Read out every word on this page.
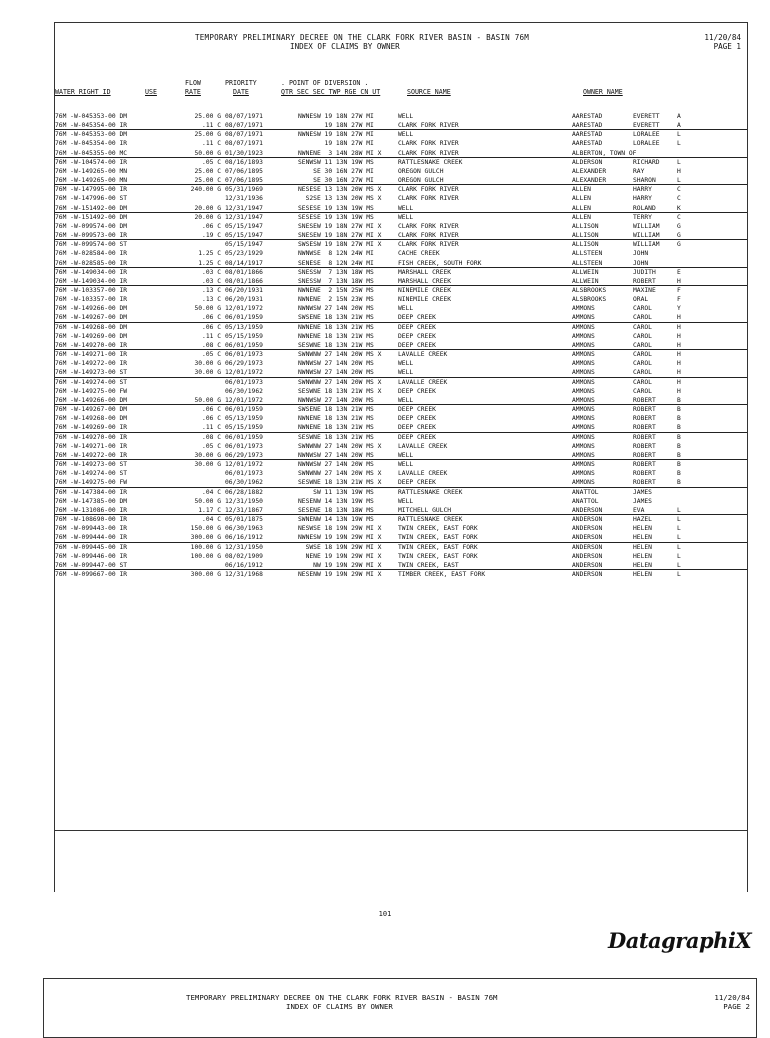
TEMPORARY PRELIMINARY DECREE ON THE CLARK FORK RIVER BASIN - BASIN 76M
INDEX OF CLAIMS BY OWNER
11/20/84
PAGE 1
FLOW	PRIORITY	. POINT OF DIVERSION .
WATER RIGHT ID	USE	RATE	DATE	QTR SEC SEC TWP RGE CN UT	SOURCE NAME	OWNER NAME
76M -W-045353-00 DM	25.00 G 08/07/1971	NWNESW 19 18N 27W MI	WELL	AARESTAD	EVERETT	A
76M -W-045354-00 IR	.11 C 08/07/1971	19 18N 27W MI	CLARK FORK RIVER	AARESTAD	EVERETT	A
76M -W-045353-00 DM	25.00 G 08/07/1971	NWNESW 19 18N 27W MI	WELL	AARESTAD	LORALEE	L
76M -W-045354-00 IR	.11 C 08/07/1971	19 18N 27W MI	CLARK FORK RIVER	AARESTAD	LORALEE	L
76M -W-045355-00 MC	50.00 G 01/30/1923	NWNENE  3 14N 28W MI X	CLARK FORK RIVER	ALBERTON, TOWN OF
76M -W-104574-00 IR	.05 C 08/16/1893	SENWSW 11 13N 19W MS	RATTLESNAKE CREEK	ALDERSON	RICHARD	L
76M -W-149265-00 MN	25.00 C 07/06/1895	SE 30 16N 27W MI	OREGON GULCH	ALEXANDER	RAY	H
76M -W-149265-00 MN	25.00 C 07/06/1895	SE 30 16N 27W MI	OREGON GULCH	ALEXANDER	SHARON	L
76M -W-147995-00 IR	240.00 G 05/31/1969	NESESE 13 13N 20W MS X	CLARK FORK RIVER	ALLEN	HARRY	C
76M -W-147996-00 ST	12/31/1936	S2SE 13 13N 20W MS X	CLARK FORK RIVER	ALLEN	HARRY	C
76M -W-151492-00 DM	20.00 G 12/31/1947	SESESE 19 13N 19W MS	WELL	ALLEN	ROLAND	K
76M -W-151492-00 DM	20.00 G 12/31/1947	SESESE 19 13N 19W MS	WELL	ALLEN	TERRY	C
76M -W-099574-00 DM	.06 C 05/15/1947	SNESEW 19 18N 27W MI X	CLARK FORK RIVER	ALLISON	WILLIAM	G
76M -W-099573-00 IR	.19 C 05/15/1947	SNESEW 19 18N 27W MI X	CLARK FORK RIVER	ALLISON	WILLIAM	G
76M -W-099574-00 ST	05/15/1947	SWSESW 19 18N 27W MI X	CLARK FORK RIVER	ALLISON	WILLIAM	G
76M -W-028584-00 IR	1.25 C 05/23/1929	NWNWSE  8 12N 24W MI	CACHE CREEK	ALLSTEEN	JOHN
76M -W-028585-00 IR	1.25 C 08/14/1917	SENESE  8 12N 24W MI	FISH CREEK, SOUTH FORK	ALLSTEEN	JOHN
76M -W-149034-00 IR	.03 C 08/01/1866	SNESSW  7 13N 18W MS	MARSHALL CREEK	ALLWEIN	JUDITH	E
76M -W-149034-00 IR	.03 C 08/01/1866	SNESSW  7 13N 18W MS	MARSHALL CREEK	ALLWEIN	ROBERT	H
76M -W-103357-00 IR	.13 C 06/20/1931	NWNENE  2 15N 25W MS	NINEMILE CREEK	ALSBROOKS	MAXINE	F
76M -W-103357-00 IR	.13 C 06/20/1931	NWNENE  2 15N 23W MS	NINEMILE CREEK	ALSBROOKS	ORAL	F
76M -W-149266-00 DM	50.00 G 12/01/1972	NWNWSW 27 14N 20W MS	WELL	AMMONS	CAROL	Y
76M -W-149267-00 DM	.06 C 06/01/1959	SWSENE 18 13N 21W MS	DEEP CREEK	AMMONS	CAROL	H
76M -W-149268-00 DM	.06 C 05/13/1959	NWNENE 18 13N 21W MS	DEEP CREEK	AMMONS	CAROL	H
76M -W-149269-00 DM	.11 C 05/15/1959	NWNENE 18 13N 21W MS	DEEP CREEK	AMMONS	CAROL	H
76M -W-149270-00 IR	.08 C 06/01/1959	SESWNE 18 13N 21W MS	DEEP CREEK	AMMONS	CAROL	H
76M -W-149271-00 IR	.05 C 06/01/1973	SWNWNW 27 14N 20W MS X	LAVALLE CREEK	AMMONS	CAROL	H
76M -W-149272-00 IR	30.00 G 06/29/1973	NWNWSW 27 14N 20W MS	WELL	AMMONS	CAROL	H
76M -W-149273-00 ST	30.00 G 12/01/1972	NWNWSW 27 14N 20W MS	WELL	AMMONS	CAROL	H
76M -W-149274-00 ST	06/01/1973	SWNWNW 27 14N 20W MS X	LAVALLE CREEK	AMMONS	CAROL	H
76M -W-149275-00 FW	06/30/1962	SESWNE 18 13N 21W MS X	DEEP CREEK	AMMONS	CAROL	H
76M -W-149266-00 DM	50.00 G 12/01/1972	NWNWSW 27 14N 20W MS	WELL	AMMONS	ROBERT	B
76M -W-149267-00 DM	.06 C 06/01/1959	SWSENE 18 13N 21W MS	DEEP CREEK	AMMONS	ROBERT	B
76M -W-149268-00 DM	.06 C 05/13/1959	NWNENE 18 13N 21W MS	DEEP CREEK	AMMONS	ROBERT	B
76M -W-149269-00 IR	.11 C 05/15/1959	NWNENE 18 13N 21W MS	DEEP CREEK	AMMONS	ROBERT	B
76M -W-149270-00 IR	.08 C 06/01/1959	SESWNE 18 13N 21W MS	DEEP CREEK	AMMONS	ROBERT	B
76M -W-149271-00 IR	.05 C 06/01/1973	SWNWNW 27 14N 20W MS X	LAVALLE CREEK	AMMONS	ROBERT	B
76M -W-149272-00 IR	30.00 G 06/29/1973	NWNWSW 27 14N 20W MS	WELL	AMMONS	ROBERT	B
76M -W-149273-00 ST	30.00 G 12/01/1972	NWNWSW 27 14N 20W MS	WELL	AMMONS	ROBERT	B
76M -W-149274-00 ST	06/01/1973	SWNWNW 27 14N 20W MS X	LAVALLE CREEK	AMMONS	ROBERT	B
76M -W-149275-00 FW	06/30/1962	SESWNE 18 13N 21W MS X	DEEP CREEK	AMMONS	ROBERT	B
76M -W-147384-00 IR	.04 C 06/28/1882	SW 11 13N 19W MS	RATTLESNAKE CREEK	ANATTOL	JAMES
76M -W-147385-00 DM	50.00 G 12/31/1950	NESENW 14 13N 19W MS	WELL	ANATTOL	JAMES
76M -W-131086-00 IR	1.17 C 12/31/1867	SESENE 18 13N 18W MS	MITCHELL GULCH	ANDERSON	EVA	L
76M -W-108690-00 IR	.04 C 05/01/1875	SWNENW 14 13N 19W MS	RATTLESNAKE CREEK	ANDERSON	HAZEL	L
76M -W-099443-00 IR	150.00 G 06/30/1963	NESWSE 18 19N 29W MI X	TWIN CREEK, EAST FORK	ANDERSON	HELEN	L
76M -W-099444-00 IR	300.00 G 06/16/1912	NWNESW 19 19N 29W MI X	TWIN CREEK, EAST FORK	ANDERSON	HELEN	L
76M -W-099445-00 IR	100.00 G 12/31/1950	SWSE 18 19N 29W MI X	TWIN CREEK, EAST FORK	ANDERSON	HELEN	L
76M -W-099446-00 IR	100.00 G 08/02/1909	NENE 19 19N 29W MI X	TWIN CREEK, EAST FORK	ANDERSON	HELEN	L
76M -W-099447-00 ST	06/16/1912	NW 19 19N 29W MI X	TWIN CREEK, EAST	ANDERSON	HELEN	L
76M -W-099667-00 IR	300.00 G 12/31/1968	NESENW 19 19N 29W MI X	TIMBER CREEK, EAST FORK	ANDERSON	HELEN	L
101
DatagraphiX
TEMPORARY PRELIMINARY DECREE ON THE CLARK FORK RIVER BASIN - BASIN 76M
INDEX OF CLAIMS BY OWNER
11/20/84
PAGE 2
